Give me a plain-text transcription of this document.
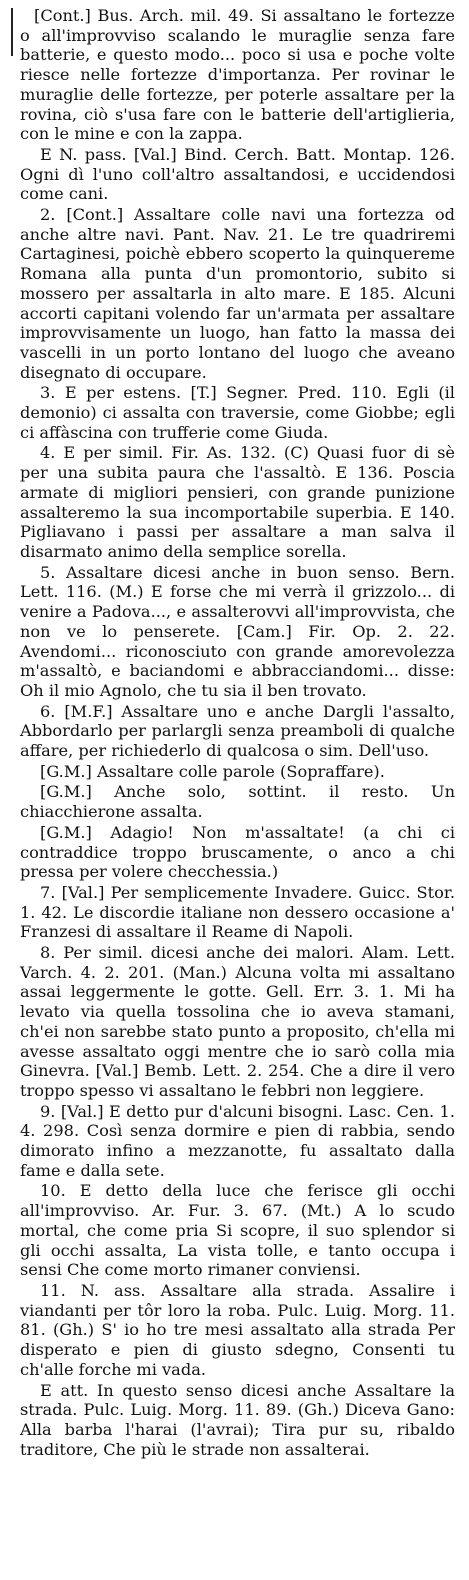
[Cont.] Bus. Arch. mil. 49. Si assaltano le fortezze o all'improvviso scalando le muraglie senza fare batterie, e questo modo... poco si usa e poche volte riesce nelle fortezze d'importanza. Per rovinar le muraglie delle fortezze, per poterle assaltare per la rovina, ciò s'usa fare con le batterie dell'artiglieria, con le mine e con la zappa.

E N. pass. [Val.] Bind. Cerch. Batt. Montap. 126. Ogni dì l'uno coll'altro assaltandosi, e uccidendosi come cani.

2. [Cont.] Assaltare colle navi una fortezza od anche altre navi. Pant. Nav. 21. Le tre quadriremi Cartaginesi, poichè ebbero scoperto la quinquereme Romana alla punta d'un promontorio, subito si mossero per assaltarla in alto mare. E 185. Alcuni accorti capitani volendo far un'armata per assaltare improvvisamente un luogo, han fatto la massa dei vascelli in un porto lontano del luogo che aveano disegnato di occupare.

3. E per estens. [T.] Segner. Pred. 110. Egli (il demonio) ci assalta con traversie, come Giobbe; egli ci affàscina con trufferie come Giuda.

4. E per simil. Fir. As. 132. (C) Quasi fuor di sè per una subita paura che l'assaltò. E 136. Poscia armate di migliori pensieri, con grande punizione assalteremo la sua incomportabile superbia. E 140. Pigliavano i passi per assaltare a man salva il disarmato animo della semplice sorella.

5. Assaltare dicesi anche in buon senso. Bern. Lett. 116. (M.) E forse che mi verrà il grizzolo... di venire a Padova..., e assalterovvi all'improvvista, che non ve lo penserete. [Cam.] Fir. Op. 2. 22. Avendomi... riconosciuto con grande amorevolezza m'assaltò, e baciandomi e abbracciandomi... disse: Oh il mio Agnolo, che tu sia il ben trovato.

6. [M.F.] Assaltare uno e anche Dargli l'assalto, Abbordarlo per parlargli senza preamboli di qualche affare, per richiederlo di qualcosa o sim. Dell'uso.

[G.M.] Assaltare colle parole (Sopraffare).

[G.M.] Anche solo, sottint. il resto. Un chiacchierone assalta.

[G.M.] Adagio! Non m'assaltate! (a chi ci contraddice troppo bruscamente, o anco a chi pressa per volere checchessia.)

7. [Val.] Per semplicemente Invadere. Guicc. Stor. 1. 42. Le discordie italiane non dessero occasione a' Franzesi di assaltare il Reame di Napoli.

8. Per simil. dicesi anche dei malori. Alam. Lett. Varch. 4. 2. 201. (Man.) Alcuna volta mi assaltano assai leggermente le gotte. Gell. Err. 3. 1. Mi ha levato via quella tossolina che io aveva stamani, ch'ei non sarebbe stato punto a proposito, ch'ella mi avesse assaltato oggi mentre che io sarò colla mia Ginevra. [Val.] Bemb. Lett. 2. 254. Che a dire il vero troppo spesso vi assaltano le febbri non leggiere.

9. [Val.] E detto pur d'alcuni bisogni. Lasc. Cen. 1. 4. 298. Così senza dormire e pien di rabbia, sendo dimorato infino a mezzanotte, fu assaltato dalla fame e dalla sete.

10. E detto della luce che ferisce gli occhi all'improvviso. Ar. Fur. 3. 67. (Mt.) A lo scudo mortal, che come pria Si scopre, il suo splendor si gli occhi assalta, La vista tolle, e tanto occupa i sensi Che come morto rimaner conviensi.

11. N. ass. Assaltare alla strada. Assalire i viandanti per tôr loro la roba. Pulc. Luig. Morg. 11. 81. (Gh.) S' io ho tre mesi assaltato alla strada Per disperato e pien di giusto sdegno, Consenti tu ch'alle forche mi vada.

E att. In questo senso dicesi anche Assaltare la strada. Pulc. Luig. Morg. 11. 89. (Gh.) Diceva Gano: Alla barba l'harai (l'avrai); Tira pur su, ribaldo traditore, Che più le strade non assalterai.
